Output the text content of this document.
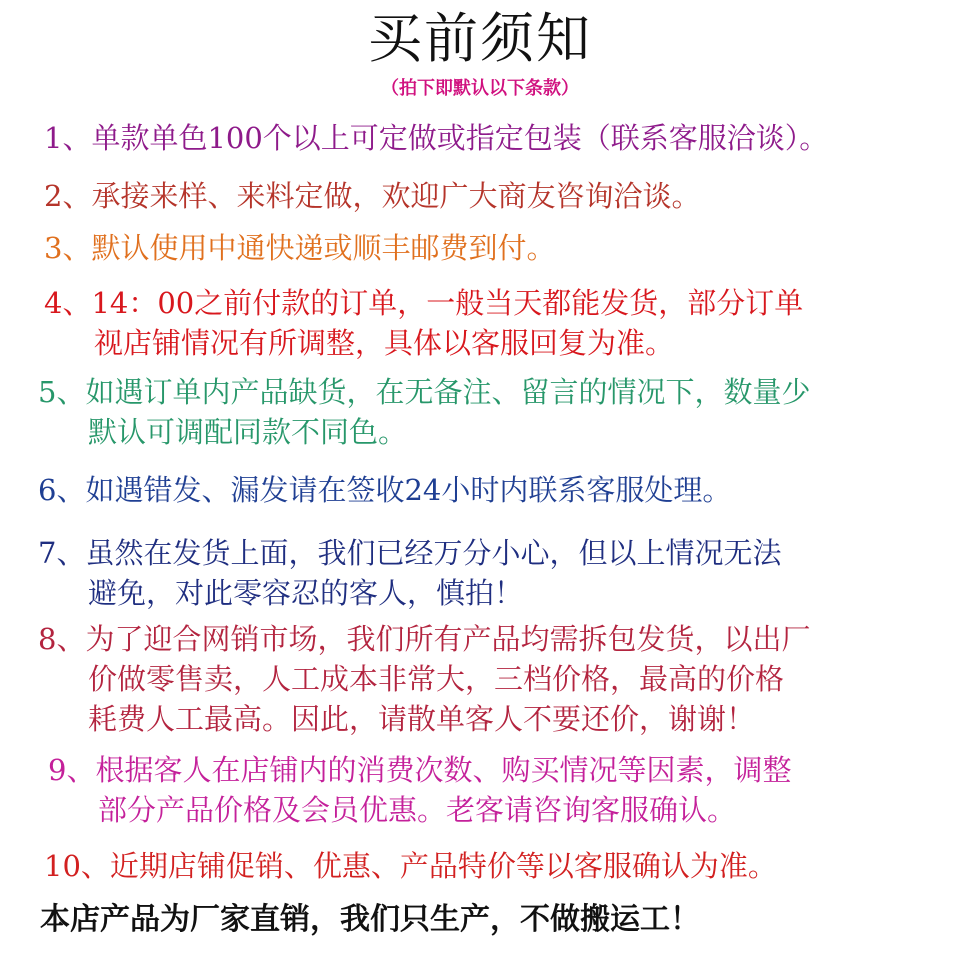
买前须知
（拍下即默认以下条款）
1、单款单色100个以上可定做或指定包装（联系客服洽谈）。
2、承接来样、来料定做，欢迎广大商友咨询洽谈。
3、默认使用中通快递或顺丰邮费到付。
4、14：00之前付款的订单，一般当天都能发货，部分订单
视店铺情况有所调整，具体以客服回复为准。
5、如遇订单内产品缺货，在无备注、留言的情况下，数量少
默认可调配同款不同色。
6、如遇错发、漏发请在签收24小时内联系客服处理。
7、虽然在发货上面，我们已经万分小心，但以上情况无法
避免，对此零容忍的客人，慎拍！
8、为了迎合网销市场，我们所有产品均需拆包发货，以出厂
价做零售卖，人工成本非常大，三档价格，最高的价格
耗费人工最高。因此，请散单客人不要还价，谢谢！
9、根据客人在店铺内的消费次数、购买情况等因素，调整
部分产品价格及会员优惠。老客请咨询客服确认。
10、近期店铺促销、优惠、产品特价等以客服确认为准。
本店产品为厂家直销，我们只生产，不做搬运工！
